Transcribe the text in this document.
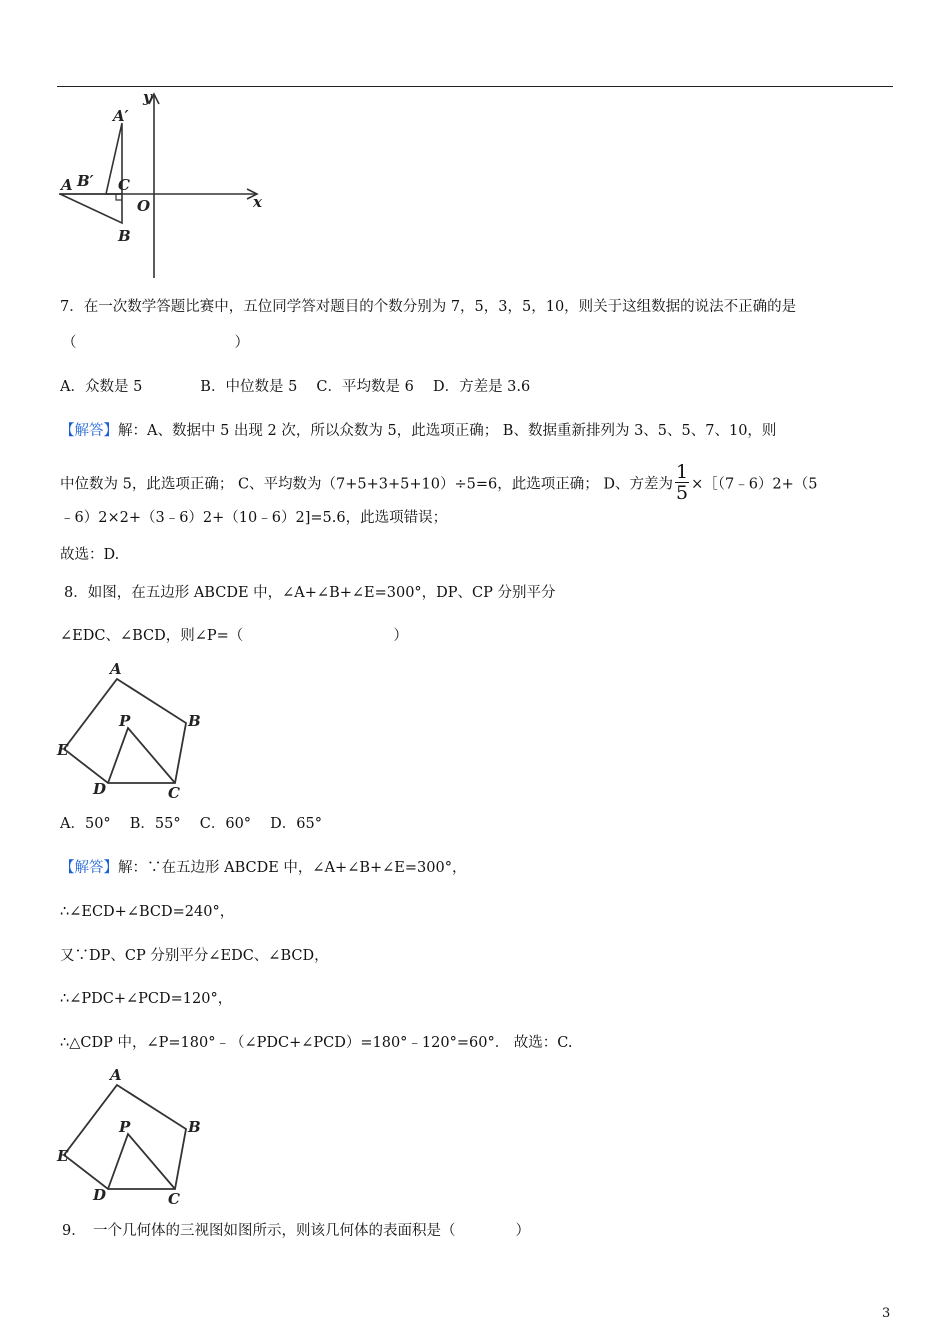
y
x
O
A
B
C
A′
B′
7．在一次数学答题比赛中，五位同学答对题目的个数分别为 7，5，3，5，10，则关于这组数据的说法不正确的是
（	）
A．众数是 5　　　　B．中位数是 5　 C．平均数是 6　 D．方差是 3.6
【解答】解：A、数据中 5 出现 2 次，所以众数为 5，此选项正确； B、数据重新排列为 3、5、5、7、10，则
中位数为 5，此选项正确； C、平均数为（7+5+3+5+10）÷5=6，此选项正确； D、方差为 $\frac{1}{5}$ ×［（7﹣6）2+（5
﹣6）2×2+（3﹣6）2+（10﹣6）2]=5.6，此选项错误；
故选：D.
8．如图，在五边形 ABCDE 中，∠A+∠B+∠E=300°，DP、CP 分别平分
∠EDC、∠BCD，则∠P=（	）
A
B
C
D
E
P
A．50°　 B．55°　 C．60°　 D．65°
【解答】解：∵在五边形 ABCDE 中，∠A+∠B+∠E=300°，
∴∠ECD+∠BCD=240°，
又∵DP、CP 分别平分∠EDC、∠BCD，
∴∠PDC+∠PCD=120°，
∴△CDP 中，∠P=180°﹣（∠PDC+∠PCD）=180°﹣120°=60°． 故选：C.
A
B
C
D
E
P
9．　一个几何体的三视图如图所示，则该几何体的表面积是（	）
3
